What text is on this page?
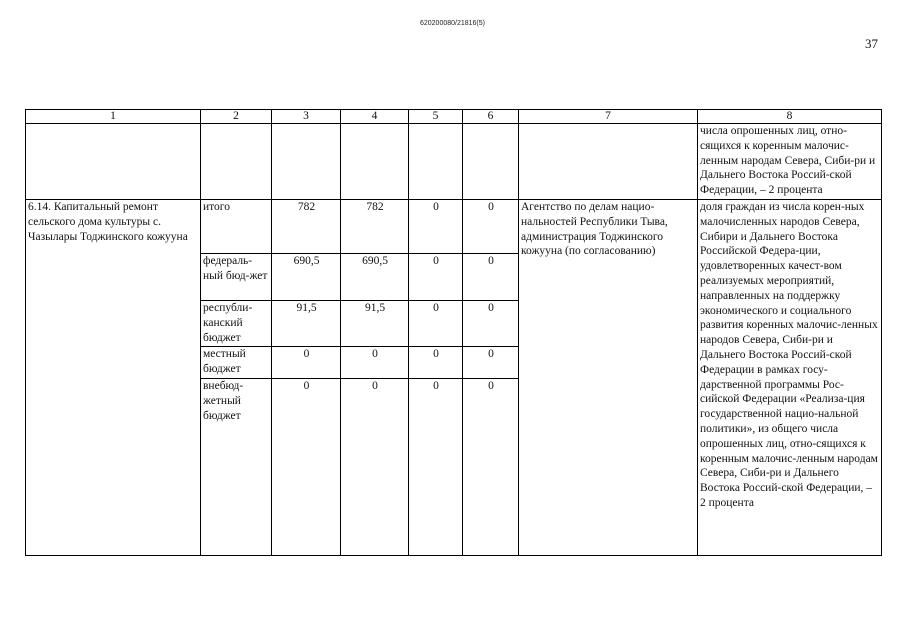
620200080/21816(5)
37
1	2	3	4	5	6	7	8
							числа опрошенных лиц, отно-сящихся к коренным малочис-ленным народам Севера, Сиби-ри и Дальнего Востока Россий-ской Федерации, – 2 процента
6.14. Капитальный ремонт сельского дома культуры с. Чазылары Тоджинского кожууна	итого	782	782	0	0	Агентство по делам нацио-нальностей Республики Тыва, администрация Тоджинского кожууна (по согласованию)	доля граждан из числа корен-ных малочисленных народов Севера, Сибири и Дальнего Востока Российской Федера-ции, удовлетворенных качест-вом реализуемых мероприятий, направленных на поддержку экономического и социального развития коренных малочис-ленных народов Севера, Сиби-ри и Дальнего Востока Россий-ской Федерации в рамках госу-дарственной программы Рос-сийской Федерации «Реализа-ция государственной нацио-нальной политики», из общего числа опрошенных лиц, отно-сящихся к коренным малочис-ленным народам Севера, Сиби-ри и Дальнего Востока Россий-ской Федерации, – 2 процента
	федераль-ный бюд-жет	690,5	690,5	0	0		
	республи-канский бюджет	91,5	91,5	0	0		
	местный бюджет	0	0	0	0		
	внебюд-жетный бюджет	0	0	0	0		
